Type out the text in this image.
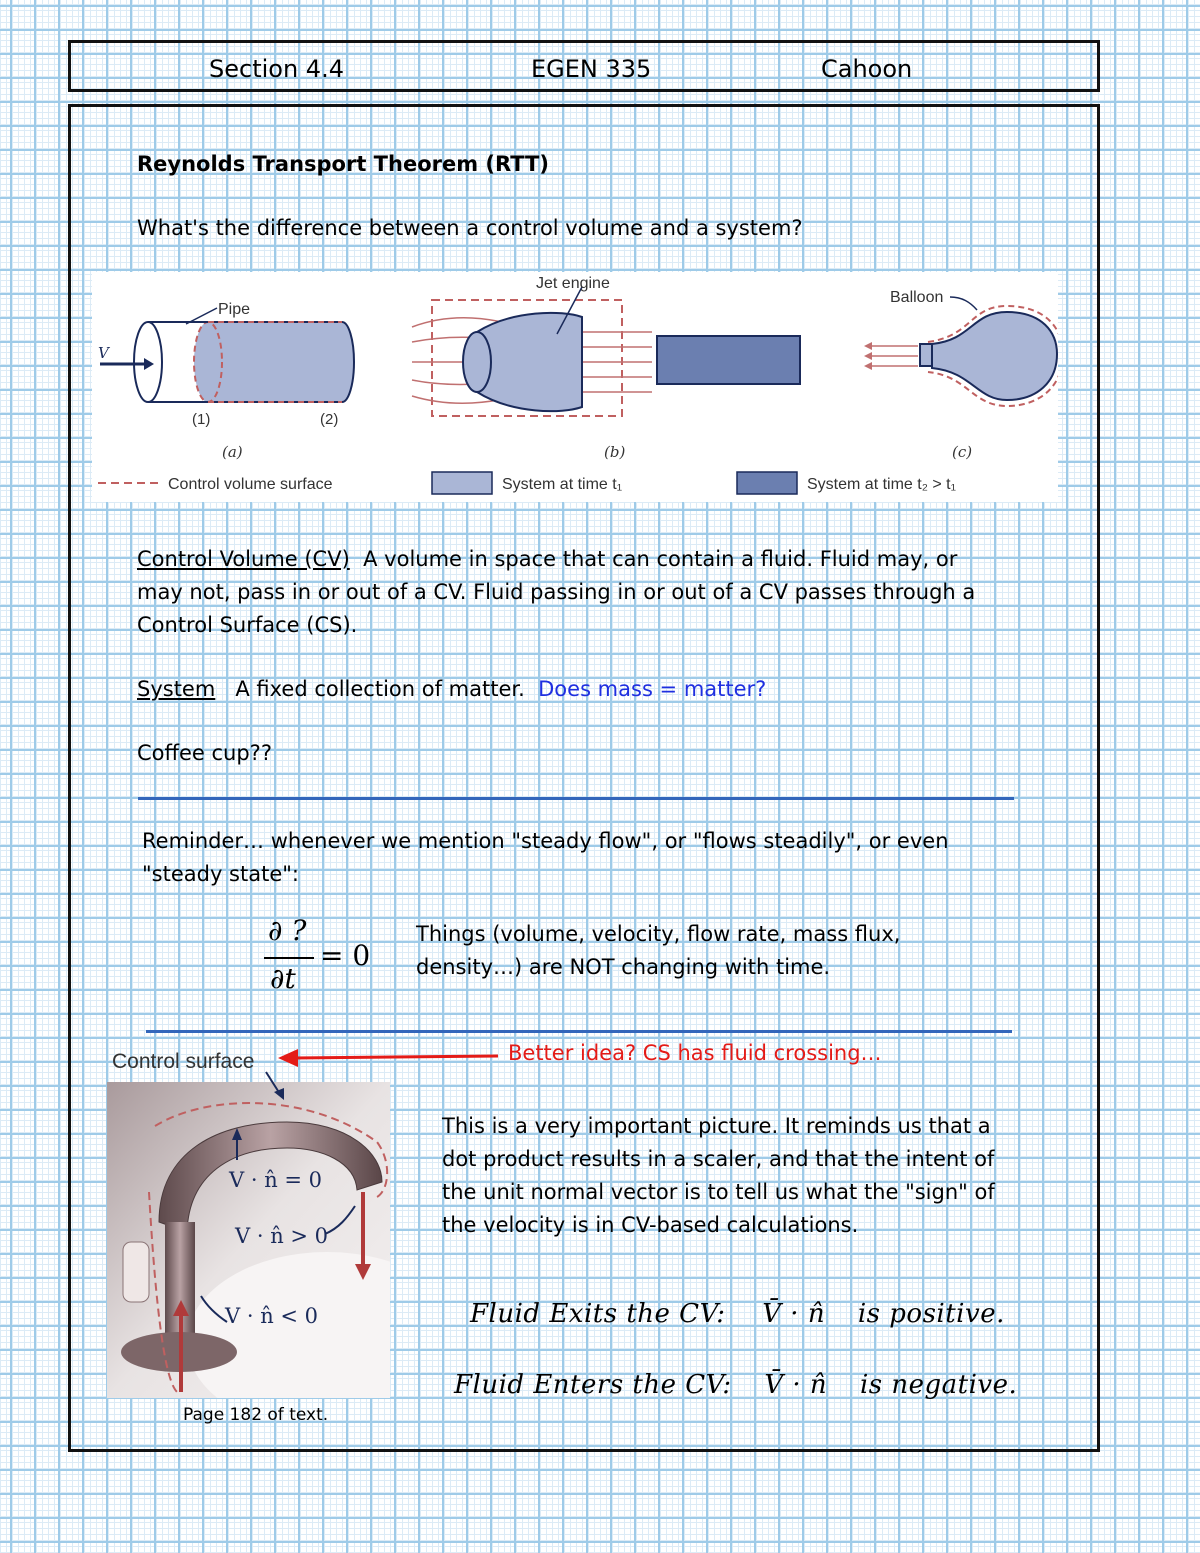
Section 4.4	EGEN 335	Cahoon
Reynolds Transport Theorem (RTT)
What's the difference between a control volume and a system?
V
Pipe
(1)	(2)
(a)
Jet engine
(b)
Balloon
(c)
Control volume surface	System at time t₁	System at time t₂ > t₁
Control Volume (CV) A volume in space that can contain a fluid. Fluid may, or
may not, pass in or out of a CV. Fluid passing in or out of a CV passes through a
Control Surface (CS).
System A fixed collection of matter. Does mass = matter?
Coffee cup??
Reminder… whenever we mention "steady flow", or "flows steadily", or even
"steady state":
∂ ?
∂t
= 0
Things (volume, velocity, flow rate, mass flux,
density…) are NOT changing with time.
Control surface	Better idea? CS has fluid crossing…
V · n̂ = 0
V · n̂ > 0
V · n̂ < 0
Page 182 of text.
This is a very important picture. It reminds us that a
dot product results in a scaler, and that the intent of
the unit normal vector is to tell us what the "sign" of
the velocity is in CV-based calculations.
Fluid Exits the CV: V̄ · n̂ is positive.
Fluid Enters the CV: V̄ · n̂ is negative.
